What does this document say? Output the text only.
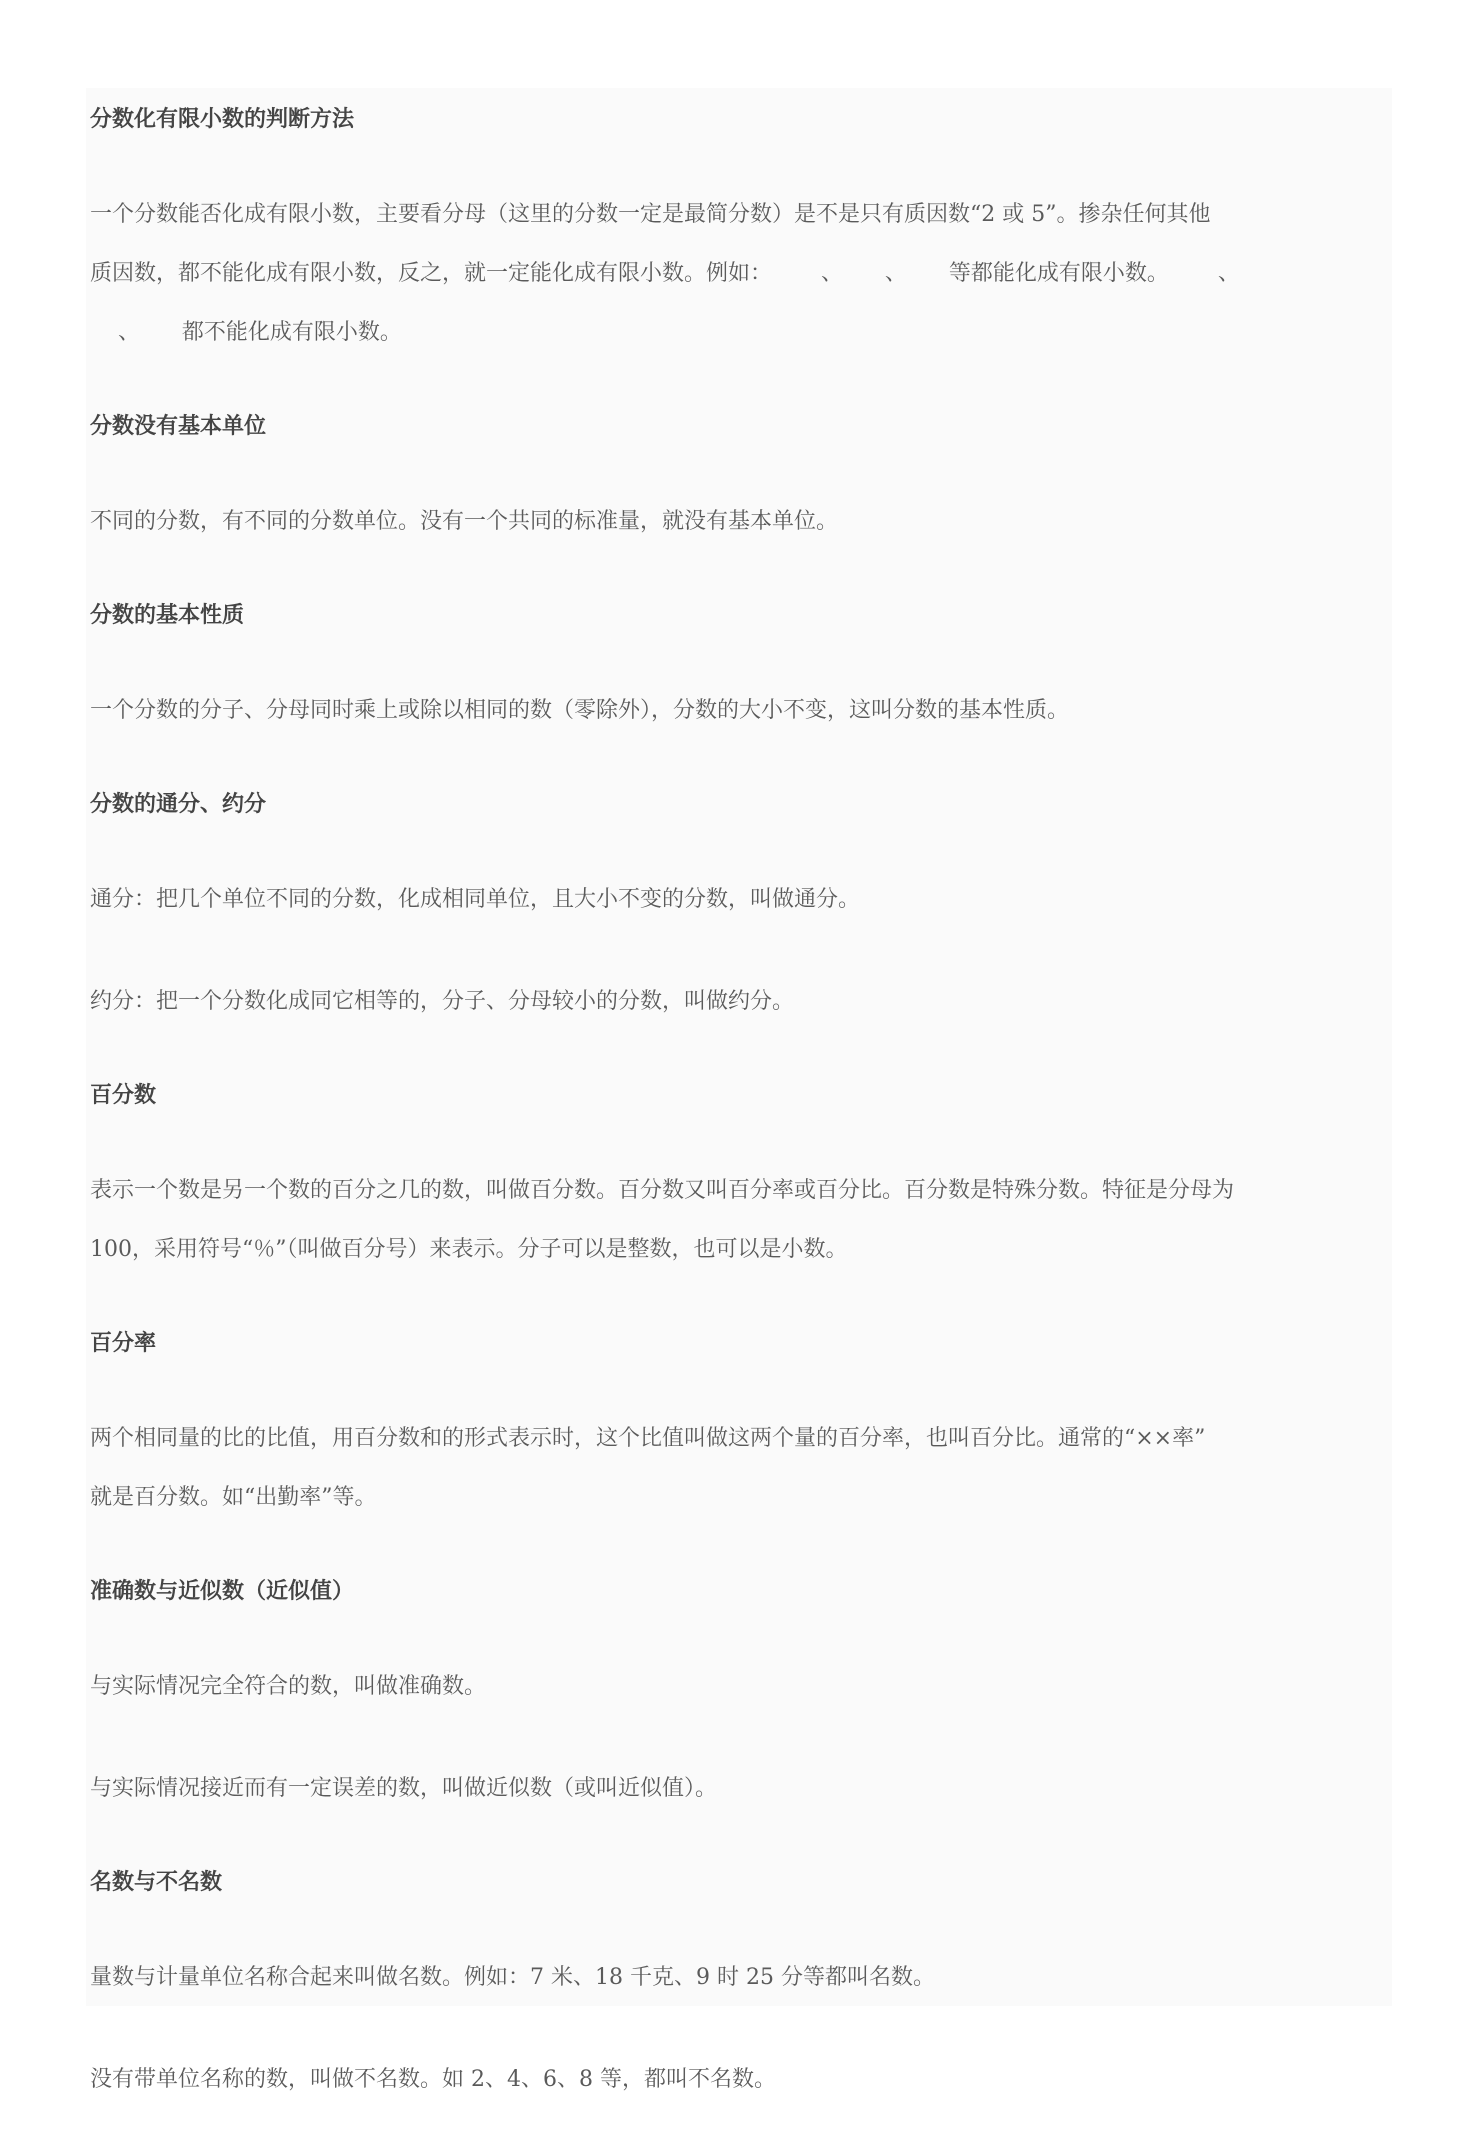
分数化有限小数的判断方法
一个分数能否化成有限小数，主要看分母（这里的分数一定是最简分数）是不是只有质因数“2 或 5”。掺杂任何其他
质因数，都不能化成有限小数，反之，就一定能化成有限小数。例如：       、      、      等都能化成有限小数。       、
、      都不能化成有限小数。
分数没有基本单位
不同的分数，有不同的分数单位。没有一个共同的标准量，就没有基本单位。
分数的基本性质
一个分数的分子、分母同时乘上或除以相同的数（零除外），分数的大小不变，这叫分数的基本性质。
分数的通分、约分
通分：把几个单位不同的分数，化成相同单位，且大小不变的分数，叫做通分。
约分：把一个分数化成同它相等的，分子、分母较小的分数，叫做约分。
百分数
表示一个数是另一个数的百分之几的数，叫做百分数。百分数又叫百分率或百分比。百分数是特殊分数。特征是分母为
100，采用符号“％”（叫做百分号）来表示。分子可以是整数，也可以是小数。
百分率
两个相同量的比的比值，用百分数和的形式表示时，这个比值叫做这两个量的百分率，也叫百分比。通常的“××率”
就是百分数。如“出勤率”等。
准确数与近似数（近似值）
与实际情况完全符合的数，叫做准确数。
与实际情况接近而有一定误差的数，叫做近似数（或叫近似值）。
名数与不名数
量数与计量单位名称合起来叫做名数。例如：7 米、18 千克、9 时 25 分等都叫名数。
没有带单位名称的数，叫做不名数。如 2、4、6、8 等，都叫不名数。
